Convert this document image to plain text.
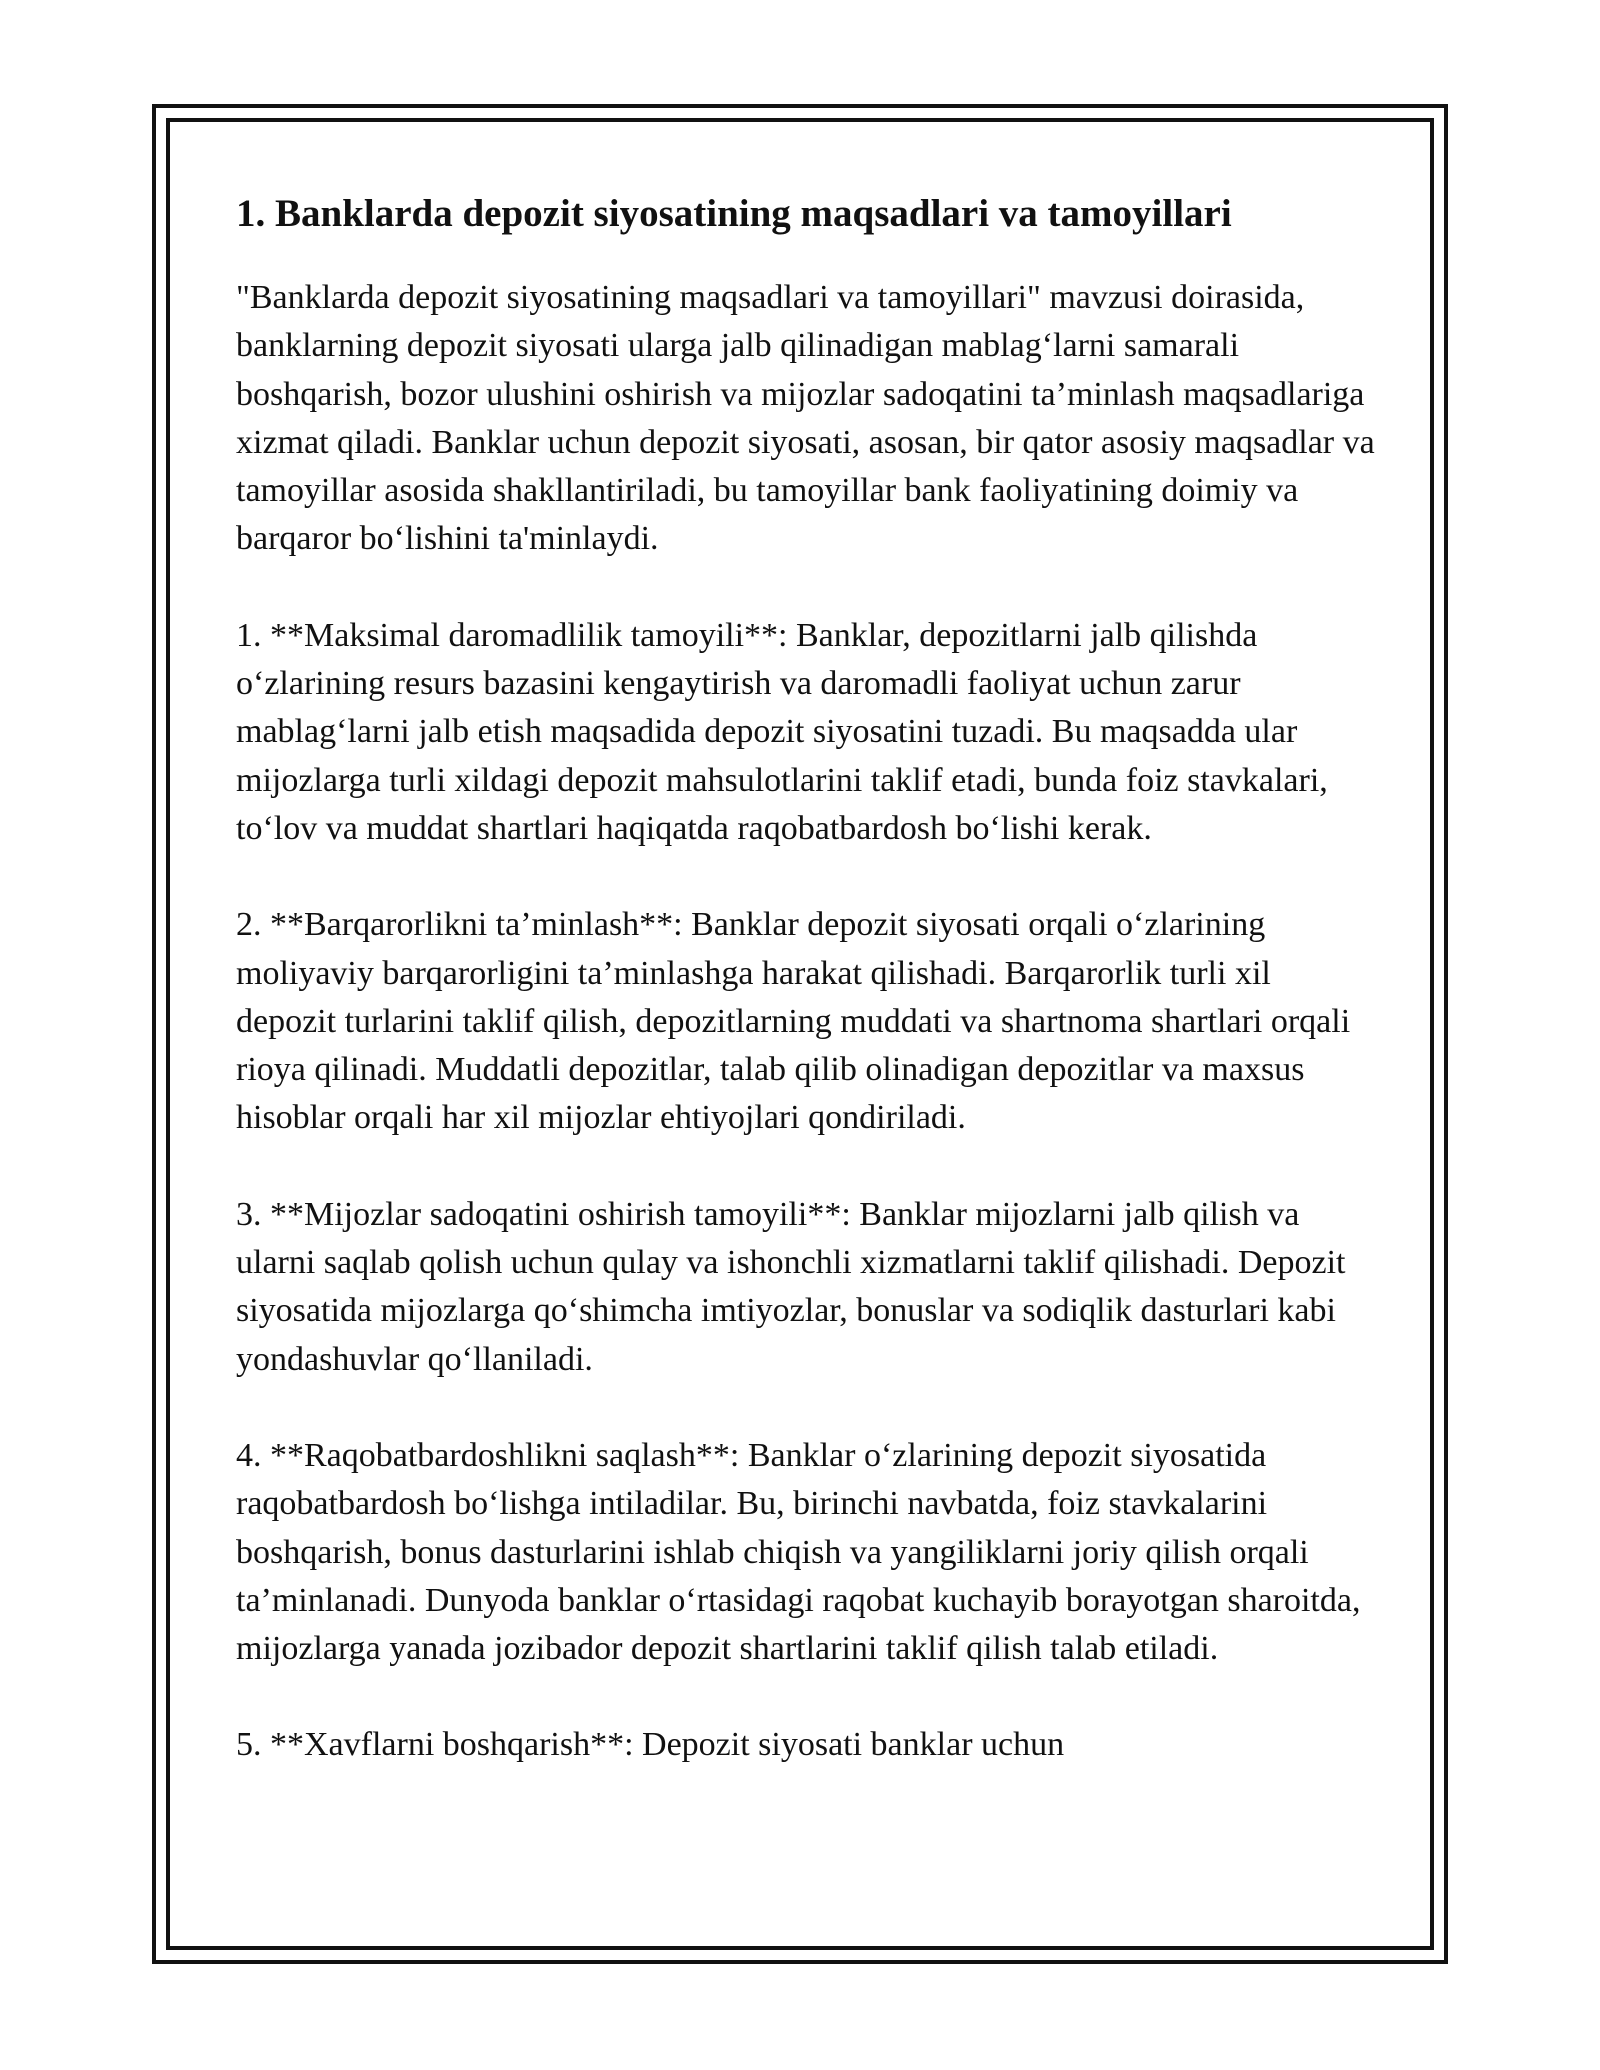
1. Banklarda depozit siyosatining maqsadlari va tamoyillari

"Banklarda depozit siyosatining maqsadlari va tamoyillari" mavzusi doirasida, banklarning depozit siyosati ularga jalb qilinadigan mablag‘larni samarali boshqarish, bozor ulushini oshirish va mijozlar sadoqatini ta’minlash maqsadlariga xizmat qiladi. Banklar uchun depozit siyosati, asosan, bir qator asosiy maqsadlar va tamoyillar asosida shakllantiriladi, bu tamoyillar bank faoliyatining doimiy va barqaror bo‘lishini ta'minlaydi.

1. **Maksimal daromadlilik tamoyili**: Banklar, depozitlarni jalb qilishda o‘zlarining resurs bazasini kengaytirish va daromadli faoliyat uchun zarur mablag‘larni jalb etish maqsadida depozit siyosatini tuzadi. Bu maqsadda ular mijozlarga turli xildagi depozit mahsulotlarini taklif etadi, bunda foiz stavkalari, to‘lov va muddat shartlari haqiqatda raqobatbardosh bo‘lishi kerak.

2. **Barqarorlikni ta’minlash**: Banklar depozit siyosati orqali o‘zlarining moliyaviy barqarorligini ta’minlashga harakat qilishadi. Barqarorlik turli xil depozit turlarini taklif qilish, depozitlarning muddati va shartnoma shartlari orqali rioya qilinadi. Muddatli depozitlar, talab qilib olinadigan depozitlar va maxsus hisoblar orqali har xil mijozlar ehtiyojlari qondiriladi.

3. **Mijozlar sadoqatini oshirish tamoyili**: Banklar mijozlarni jalb qilish va ularni saqlab qolish uchun qulay va ishonchli xizmatlarni taklif qilishadi. Depozit siyosatida mijozlarga qo‘shimcha imtiyozlar, bonuslar va sodiqlik dasturlari kabi yondashuvlar qo‘llaniladi.

4. **Raqobatbardoshlikni saqlash**: Banklar o‘zlarining depozit siyosatida raqobatbardosh bo‘lishga intiladilar. Bu, birinchi navbatda, foiz stavkalarini boshqarish, bonus dasturlarini ishlab chiqish va yangiliklarni joriy qilish orqali ta’minlanadi. Dunyoda banklar o‘rtasidagi raqobat kuchayib borayotgan sharoitda, mijozlarga yanada jozibador depozit shartlarini taklif qilish talab etiladi.

5. **Xavflarni boshqarish**: Depozit siyosati banklar uchun
